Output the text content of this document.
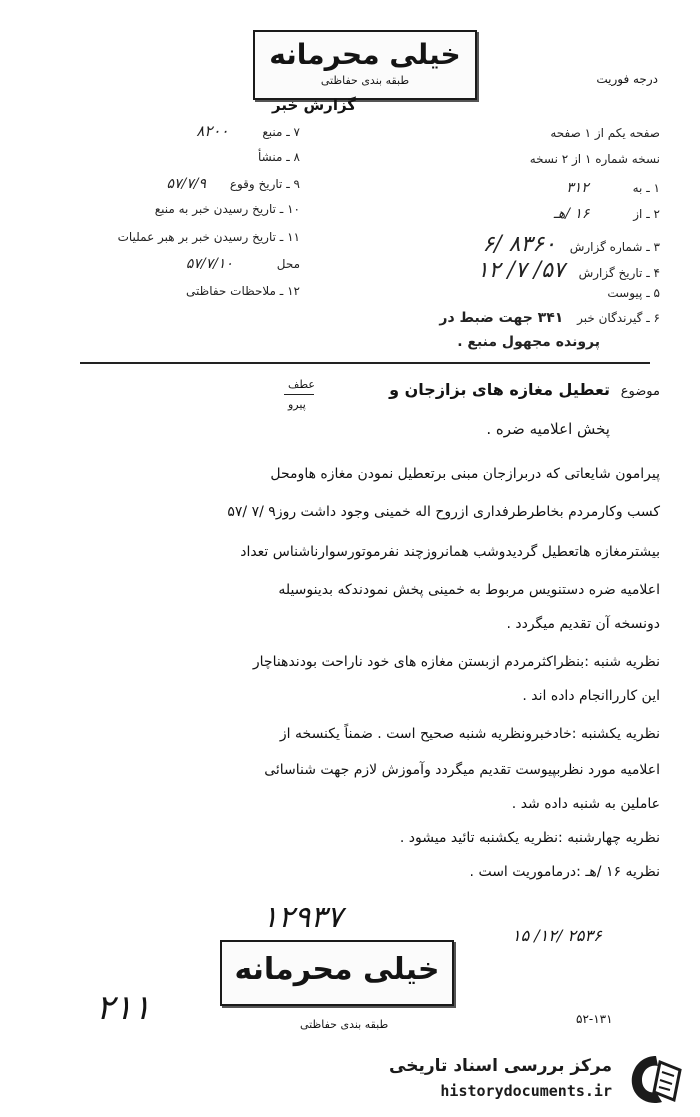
خیلی محرمانه
طبقه بندی حفاظتی	درجه فوریت
گزارش خبر
صفحه یکم از ۱ صفحه
نسخه شماره ۱ از ۲ نسخه
۱ ـ به ۳۱۲
۲ ـ از ۱۶ /هـ
۳ ـ شماره گزارش ۸۳۶۰ /۶
۴ ـ تاریخ گزارش ۵۷/ ۷/ ۱۲
۵ ـ پیوست
۶ ـ گیرندگان خبر ۳۴۱ جهت ضبط در
پرونده مجهول منبع .
۷ ـ منبع ۸۲۰۰
۸ ـ منشأ
۹ ـ تاریخ وقوع ۵۷/۷/۹
۱۰ ـ تاریخ رسیدن خبر به منبع
۱۱ ـ تاریخ رسیدن خبر بر هبر عملیات
محل ۵۷/۷/۱۰
۱۲ ـ ملاحظات حفاظتی
عطف
پیرو
موضوع
تعطیل مغازه های بزازجان و
پخش اعلامیه ضره .
پیرامون شایعاتی که دربرازجان مبنی برتعطیل نمودن مغازه هاومحل
کسب وکارمردم بخاطرطرفداری ازروح اله خمینی وجود داشت روز۹ /۷ /۵۷
بیشترمغازه هاتعطیل گردیدوشب همانروزچند نفرموتورسوارناشناس تعداد
اعلامیه ضره دستنویس مربوط به خمینی پخش نمودندکه بدینوسیله
دونسخه آن تقدیم میگردد .
نظریه شنبه :بنظراکثرمردم ازبستن مغازه های خود ناراحت بودندهناچار
این کارراانجام داده اند .
نظریه یکشنبه :خادخبرونظریه شنبه صحیح است . ضمناً یکنسخه از
اعلامیه مورد نظربپیوست تقدیم میگردد وآموزش لازم جهت شناسائی
عاملین به شنبه داده شد .
نظریه چهارشنبه :نظریه یکشنبه تائید میشود .
نظریه ۱۶ /هـ :درماموریت است .
۱۲۹۳۷
۱۵ /۱۲/ ۲۵۳۶
۲۱۱
خیلی محرمانه
طبقه بندی حفاظتی	۵۲-۱۳۱
مرکز بررسی اسناد تاریخی
historydocuments.ir
